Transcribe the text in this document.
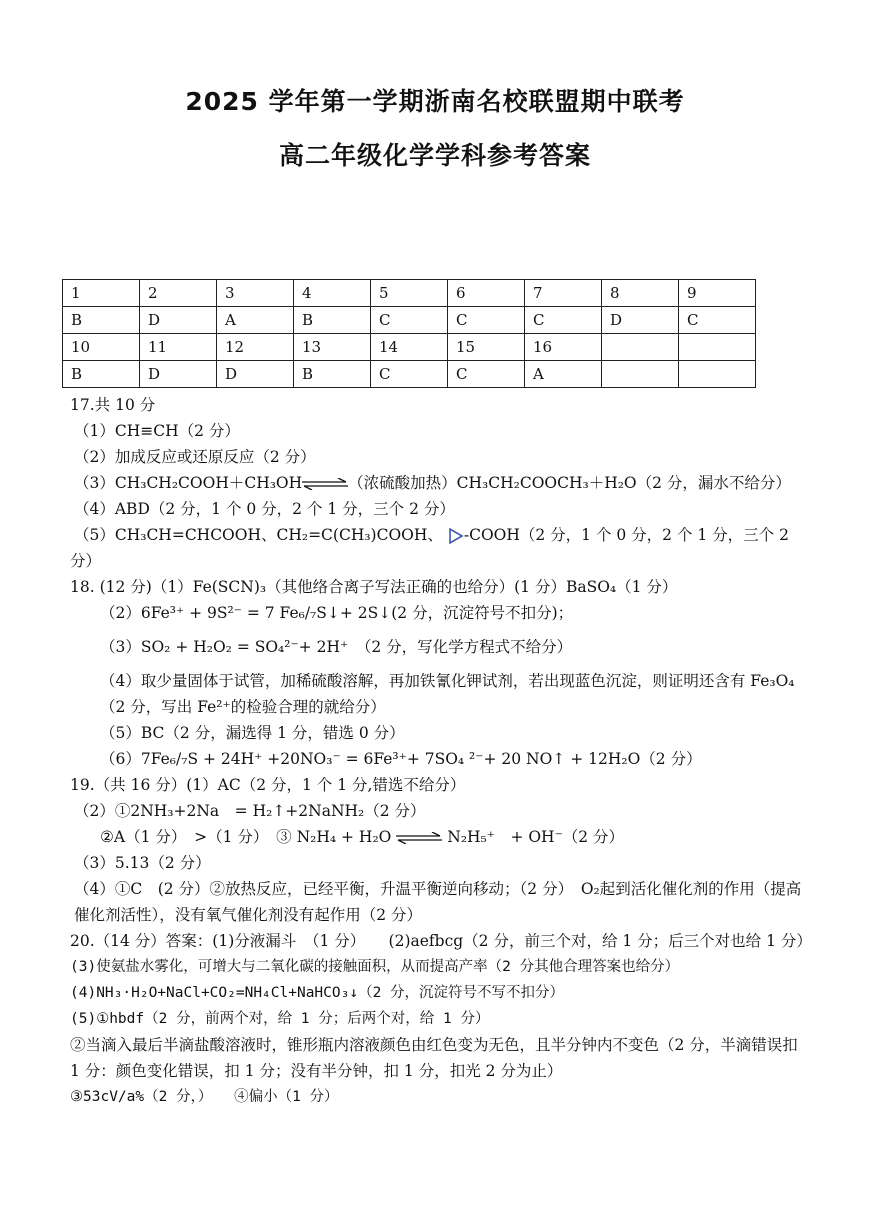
2025 学年第一学期浙南名校联盟期中联考
高二年级化学学科参考答案
1	2	3	4	5	6	7	8	9
B	D	A	B	C	C	C	D	C
10	11	12	13	14	15	16		
B	D	D	B	C	C	A		

17.共 10 分

（1）CH≡CH（2 分）

（2）加成反应或还原反应（2 分）

（3）CH₃CH₂COOH＋CH₃OH⇌（浓硫酸加热）CH₃CH₂COOCH₃＋H₂O（2 分，漏水不给分）

（4）ABD（2 分，1 个 0 分，2 个 1 分，三个 2 分）

（5）CH₃CH=CHCOOH、CH₂=C(CH₃)COOH、 -COOH（2 分，1 个 0 分，2 个 1 分，三个 2

分）

18. (12 分)（1）Fe(SCN)₃（其他络合离子写法正确的也给分）(1 分）BaSO₄（1 分）

（2）6Fe³⁺ + 9S²⁻ = 7 Fe₆/₇S↓+ 2S↓(2 分，沉淀符号不扣分)；

（3）SO₂ + H₂O₂ = SO₄²⁻+ 2H⁺　（2 分，写化学方程式不给分）

（4）取少量固体于试管，加稀硫酸溶解，再加铁氰化钾试剂，若出现蓝色沉淀，则证明还含有 Fe₃O₄（2 分，写出 Fe²⁺的检验合理的就给分）

（5）BC（2 分，漏选得 1 分，错选 0 分）

（6）7Fe₆/₇S + 24H⁺ +20NO₃⁻ = 6Fe³⁺+ 7SO₄ ²⁻+ 20 NO↑ + 12H₂O（2 分）

19.（共 16 分）(1）AC（2 分，1 个 1 分,错选不给分）

（2）①2NH₃+2Na　= H₂↑+2NaNH₂（2 分）

②A（1 分）　>（1 分）　③ N₂H₄ + H₂O ⇌ N₂H₅⁺　+ OH⁻（2 分）

（3）5.13（2 分）

（4）①C　(2 分）②放热反应，已经平衡，升温平衡逆向移动；（2 分）　O₂起到活化催化剂的作用（提高催化剂活性），没有氧气催化剂没有起作用（2 分）

20.（14 分）答案：(1)分液漏斗　（1 分）　　(2)aefbcg（2 分，前三个对，给 1 分；后三个对也给 1 分）

(3)使氨盐水雾化，可增大与二氧化碳的接触面积，从而提高产率（2 分其他合理答案也给分）

(4)NH₃·H₂O+NaCl+CO₂=NH₄Cl+NaHCO₃↓（2 分，沉淀符号不写不扣分）

(5)①hbdf（2 分，前两个对，给 1 分；后两个对，给 1 分）

②当滴入最后半滴盐酸溶液时，锥形瓶内溶液颜色由红色变为无色，且半分钟内不变色（2 分，半滴错误扣 1 分：颜色变化错误，扣 1 分；没有半分钟，扣 1 分，扣光 2 分为止）

③53cV/a%（2 分，）　　④偏小（1 分）
